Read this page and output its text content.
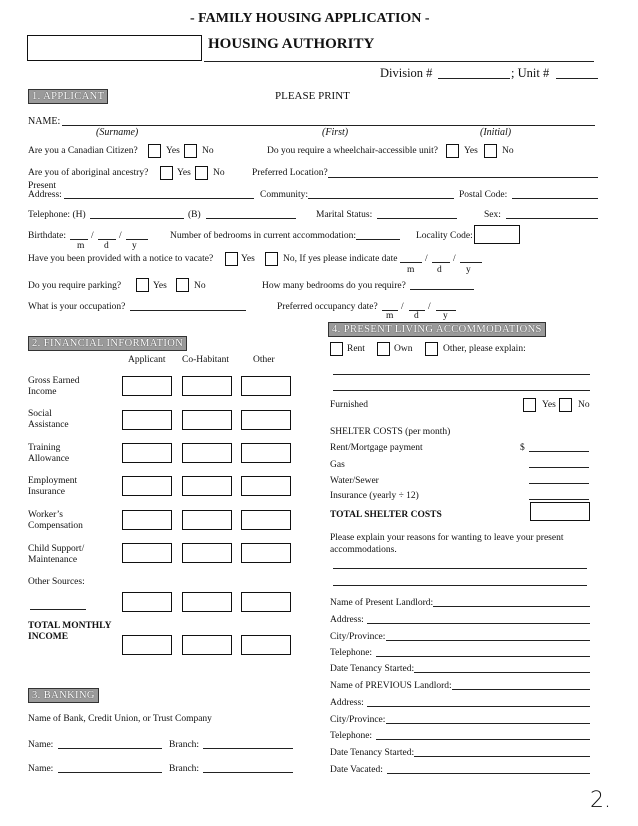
- FAMILY HOUSING APPLICATION -
HOUSING AUTHORITY
Division #	; Unit #
1. APPLICANT	PLEASE PRINT
NAME:
(Surname)	(First)	(Initial)
Are you a Canadian Citizen?	Yes No	Do you require a wheelchair-accessible unit?	Yes	No
Are you of aboriginal ancestry?	Yes No	Preferred Location?
Present
Address:	Community:	Postal Code:
Telephone: (H)	(B)	Marital Status:	Sex:
Birthdate:	/	/
m d y
Number of bedrooms in current accommodation:	Locality Code:
Have you been provided with a notice to vacate?	Yes	No, If yes please indicate date	/	/
m d	y
Do you require parking?	Yes	No	How many bedrooms do you require?
What is your occupation?	Preferred occupancy date? /	/
m d	y
4. PRESENT LIVING ACCOMMODATIONS
Rent	Own	Other, please explain:
Furnished	Yes No
SHELTER COSTS (per month)
Rent/Mortgage payment	$
Gas
Water/Sewer
Insurance (yearly ÷ 12)
TOTAL SHELTER COSTS
Please explain your reasons for wanting to leave your present
accommodations.
Name of Present Landlord:
Address:
City/Province:
Telephone:
Date Tenancy Started:
Name of PREVIOUS Landlord:
Address:
City/Province:
Telephone:
Date Tenancy Started:
Date Vacated:
2. FINANCIAL INFORMATION
Applicant Co-Habitant	Other
Gross Earned
Income
Social
Assistance
Training
Allowance
Employment
Insurance
Worker’s
Compensation
Child Support/
Maintenance
Other Sources:
TOTAL MONTHLY
INCOME
3. BANKING
Name of Bank, Credit Union, or Trust Company
Name:	Branch:
Name:	Branch:
2.
